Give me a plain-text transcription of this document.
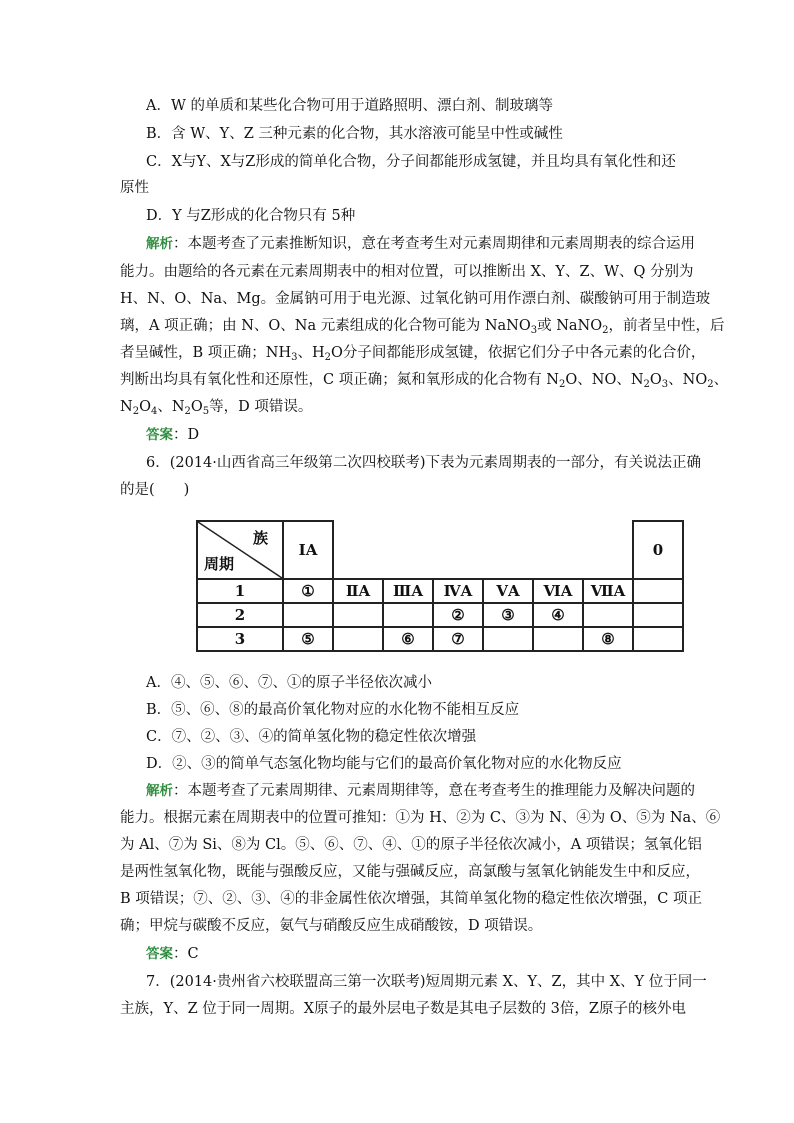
A．W 的单质和某些化合物可用于道路照明、漂白剂、制玻璃等
B．含 W、Y、Z 三种元素的化合物，其水溶液可能呈中性或碱性
C．X与Y、X与Z形成的简单化合物，分子间都能形成氢键，并且均具有氧化性和还
原性
D．Y 与Z形成的化合物只有 5种
解析：本题考查了元素推断知识，意在考查考生对元素周期律和元素周期表的综合运用
能力。由题给的各元素在元素周期表中的相对位置，可以推断出 X、Y、Z、W、Q 分别为
H、N、O、Na、Mg。金属钠可用于电光源、过氧化钠可用作漂白剂、碳酸钠可用于制造玻
璃，A 项正确；由 N、O、Na 元素组成的化合物可能为 NaNO$_3$或 NaNO$_2$，前者呈中性，后
者呈碱性，B 项正确；$NH_3$、$H_2O$分子间都能形成氢键，依据它们分子中各元素的化合价，
判断出均具有氧化性和还原性，C 项正确；氮和氧形成的化合物有 $N_2O$、NO、$N_2O_3$、$NO_2$、
$N_2O_4$、$N_2O_5$等，D 项错误。
答案：D
6．(2014·山西省高三年级第二次四校联考)下表为元素周期表的一部分，有关说法正确
的是(　　)
族
周期	ⅠA							0
1	①	ⅡA	ⅢA	ⅣA	ⅤA	ⅥA	ⅦA	
2				②	③	④		
3	⑤		⑥	⑦			⑧	
A．④、⑤、⑥、⑦、①的原子半径依次减小
B．⑤、⑥、⑧的最高价氧化物对应的水化物不能相互反应
C．⑦、②、③、④的简单氢化物的稳定性依次增强
D．②、③的简单气态氢化物均能与它们的最高价氧化物对应的水化物反应
解析：本题考查了元素周期律、元素周期律等，意在考查考生的推理能力及解决问题的
能力。根据元素在周期表中的位置可推知：①为 H、②为 C、③为 N、④为 O、⑤为 Na、⑥
为 Al、⑦为 Si、⑧为 Cl。⑤、⑥、⑦、④、①的原子半径依次减小，A 项错误；氢氧化铝
是两性氢氧化物，既能与强酸反应，又能与强碱反应，高氯酸与氢氧化钠能发生中和反应，
B 项错误；⑦、②、③、④的非金属性依次增强，其简单氢化物的稳定性依次增强，C 项正
确；甲烷与碳酸不反应，氨气与硝酸反应生成硝酸铵，D 项错误。
答案：C
7．(2014·贵州省六校联盟高三第一次联考)短周期元素 X、Y、Z，其中 X、Y 位于同一
主族，Y、Z 位于同一周期。X原子的最外层电子数是其电子层数的 3倍，Z原子的核外电
